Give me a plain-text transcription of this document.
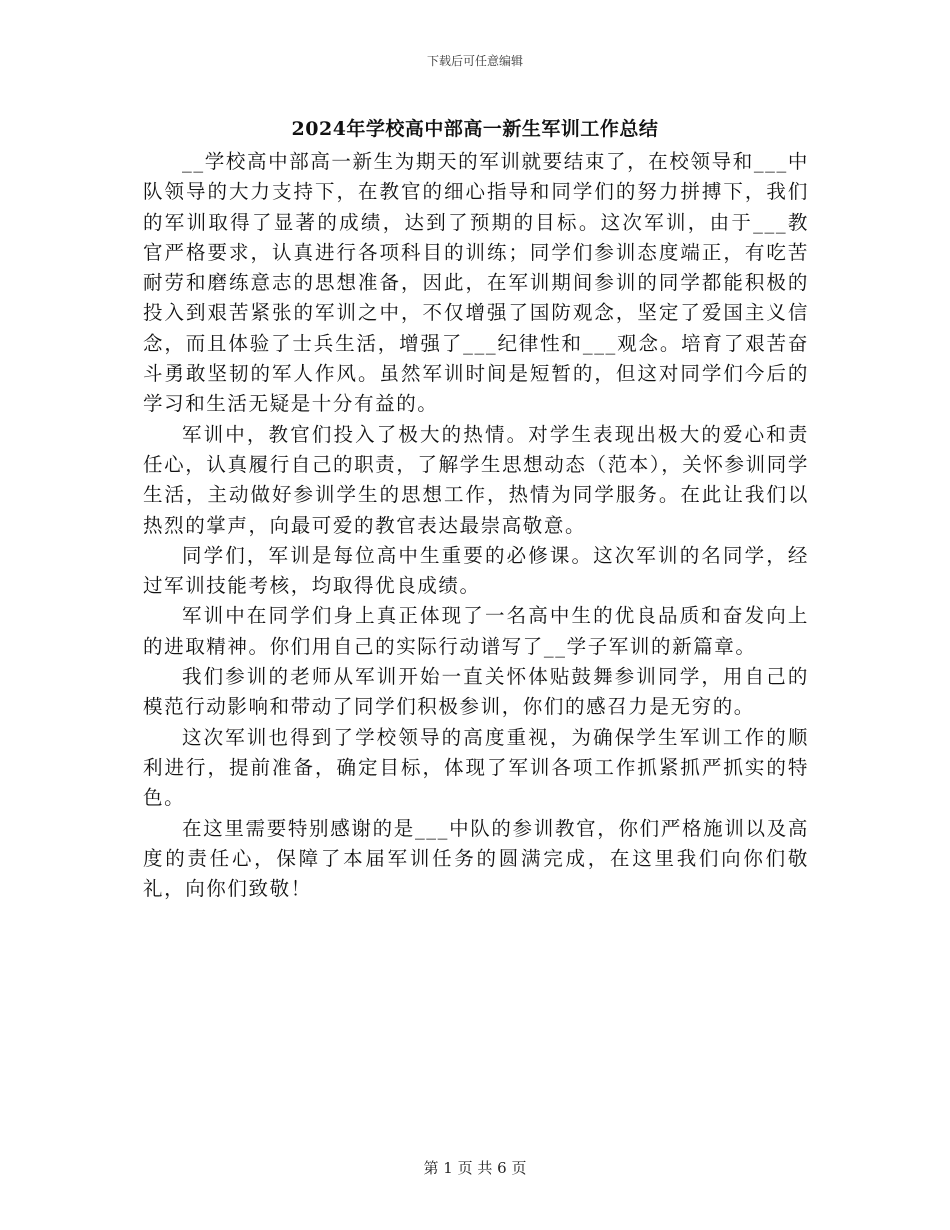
下载后可任意编辑
2024年学校高中部高一新生军训工作总结

__学校高中部高一新生为期天的军训就要结束了，在校领导和___中队领导的大力支持下，在教官的细心指导和同学们的努力拼搏下，我们的军训取得了显著的成绩，达到了预期的目标。这次军训，由于___教官严格要求，认真进行各项科目的训练；同学们参训态度端正，有吃苦耐劳和磨练意志的思想准备，因此，在军训期间参训的同学都能积极的投入到艰苦紧张的军训之中，不仅增强了国防观念，坚定了爱国主义信念，而且体验了士兵生活，增强了___纪律性和___观念。培育了艰苦奋斗勇敢坚韧的军人作风。虽然军训时间是短暂的，但这对同学们今后的学习和生活无疑是十分有益的。

军训中，教官们投入了极大的热情。对学生表现出极大的爱心和责任心，认真履行自己的职责，了解学生思想动态（范本），关怀参训同学生活，主动做好参训学生的思想工作，热情为同学服务。在此让我们以热烈的掌声，向最可爱的教官表达最崇高敬意。

同学们，军训是每位高中生重要的必修课。这次军训的名同学，经过军训技能考核，均取得优良成绩。

军训中在同学们身上真正体现了一名高中生的优良品质和奋发向上的进取精神。你们用自己的实际行动谱写了__学子军训的新篇章。

我们参训的老师从军训开始一直关怀体贴鼓舞参训同学，用自己的模范行动影响和带动了同学们积极参训，你们的感召力是无穷的。

这次军训也得到了学校领导的高度重视，为确保学生军训工作的顺利进行，提前准备，确定目标，体现了军训各项工作抓紧抓严抓实的特色。

在这里需要特别感谢的是___中队的参训教官，你们严格施训以及高度的责任心，保障了本届军训任务的圆满完成，在这里我们向你们敬礼，向你们致敬！

第 1 页 共 6 页
